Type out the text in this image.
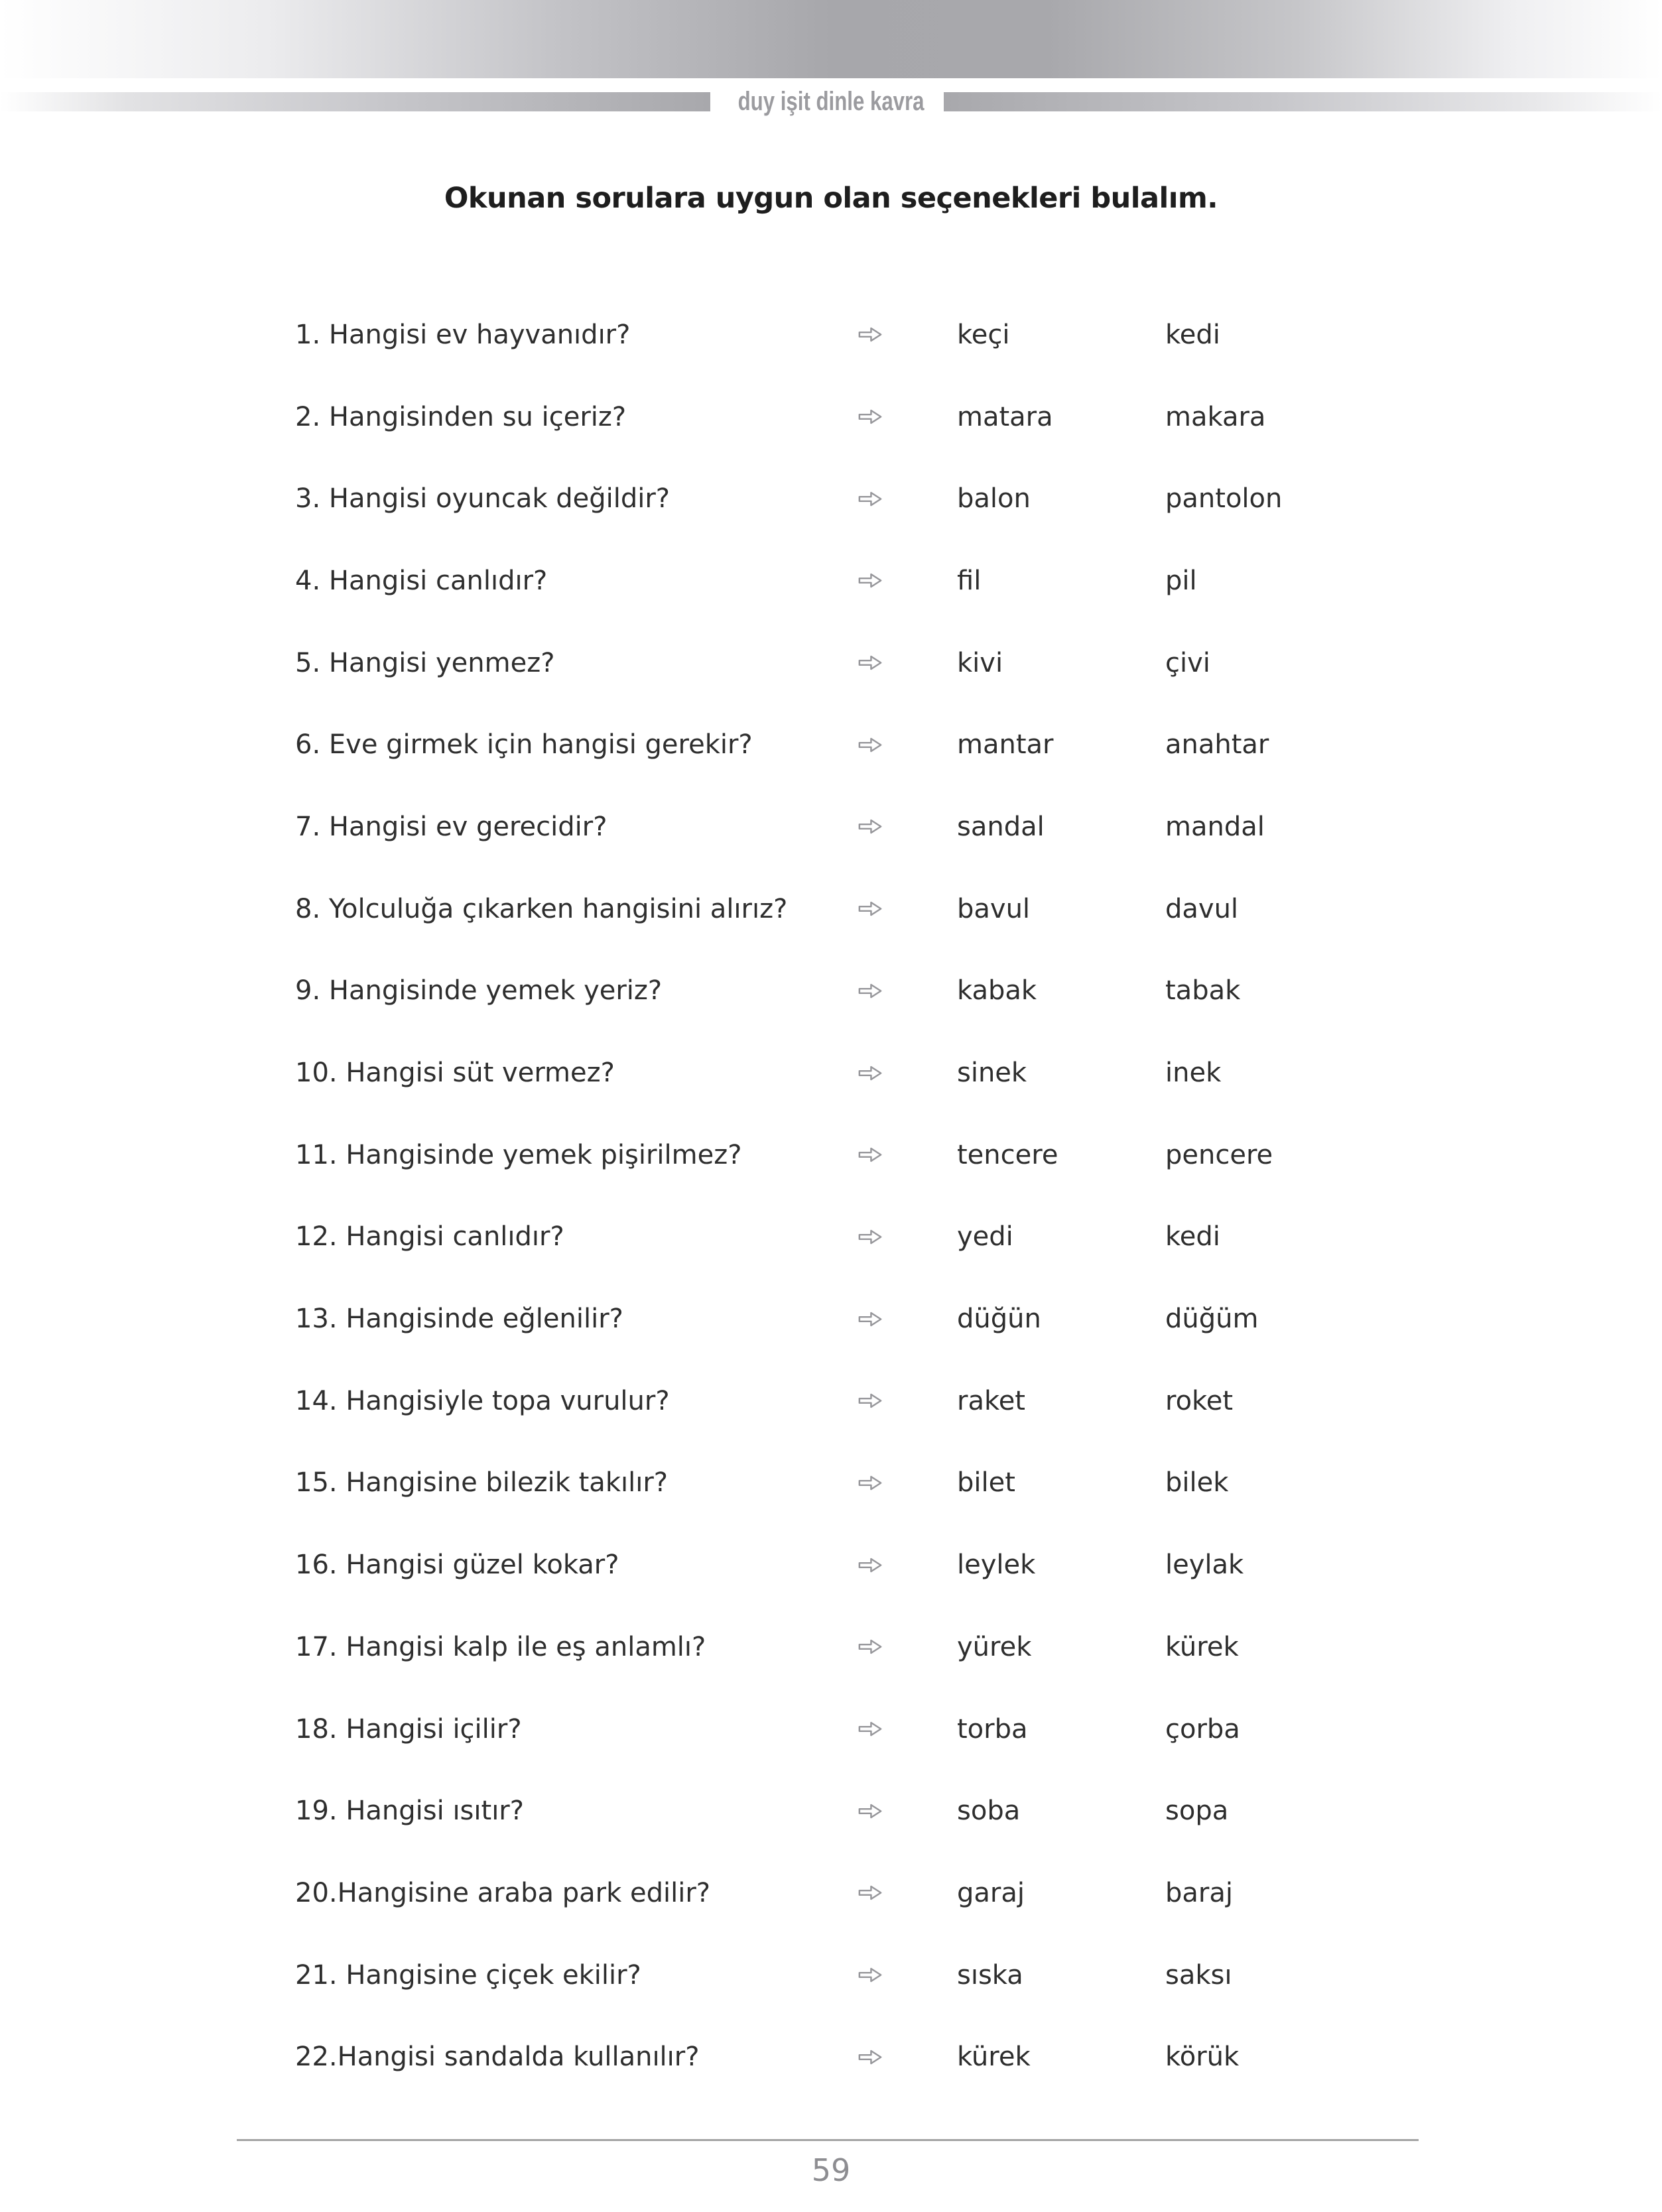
duy işit dinle kavra
Okunan sorulara uygun olan seçenekleri bulalım.
1. Hangisi ev hayvanıdır?	keçi	kedi
2. Hangisinden su içeriz?	matara	makara
3. Hangisi oyuncak değildir?	balon	pantolon
4. Hangisi canlıdır?	fil	pil
5. Hangisi yenmez?	kivi	çivi
6. Eve girmek için hangisi gerekir?	mantar	anahtar
7. Hangisi ev gerecidir?	sandal	mandal
8. Yolculuğa çıkarken hangisini alırız?	bavul	davul
9. Hangisinde yemek yeriz?	kabak	tabak
10. Hangisi süt vermez?	sinek	inek
11. Hangisinde yemek pişirilmez?	tencere	pencere
12. Hangisi canlıdır?	yedi	kedi
13. Hangisinde eğlenilir?	düğün	düğüm
14. Hangisiyle topa vurulur?	raket	roket
15. Hangisine bilezik takılır?	bilet	bilek
16. Hangisi güzel kokar?	leylek	leylak
17. Hangisi kalp ile eş anlamlı?	yürek	kürek
18. Hangisi içilir?	torba	çorba
19. Hangisi ısıtır?	soba	sopa
20.Hangisine araba park edilir?	garaj	baraj
21. Hangisine çiçek ekilir?	sıska	saksı
22.Hangisi sandalda kullanılır?	kürek	körük
59
